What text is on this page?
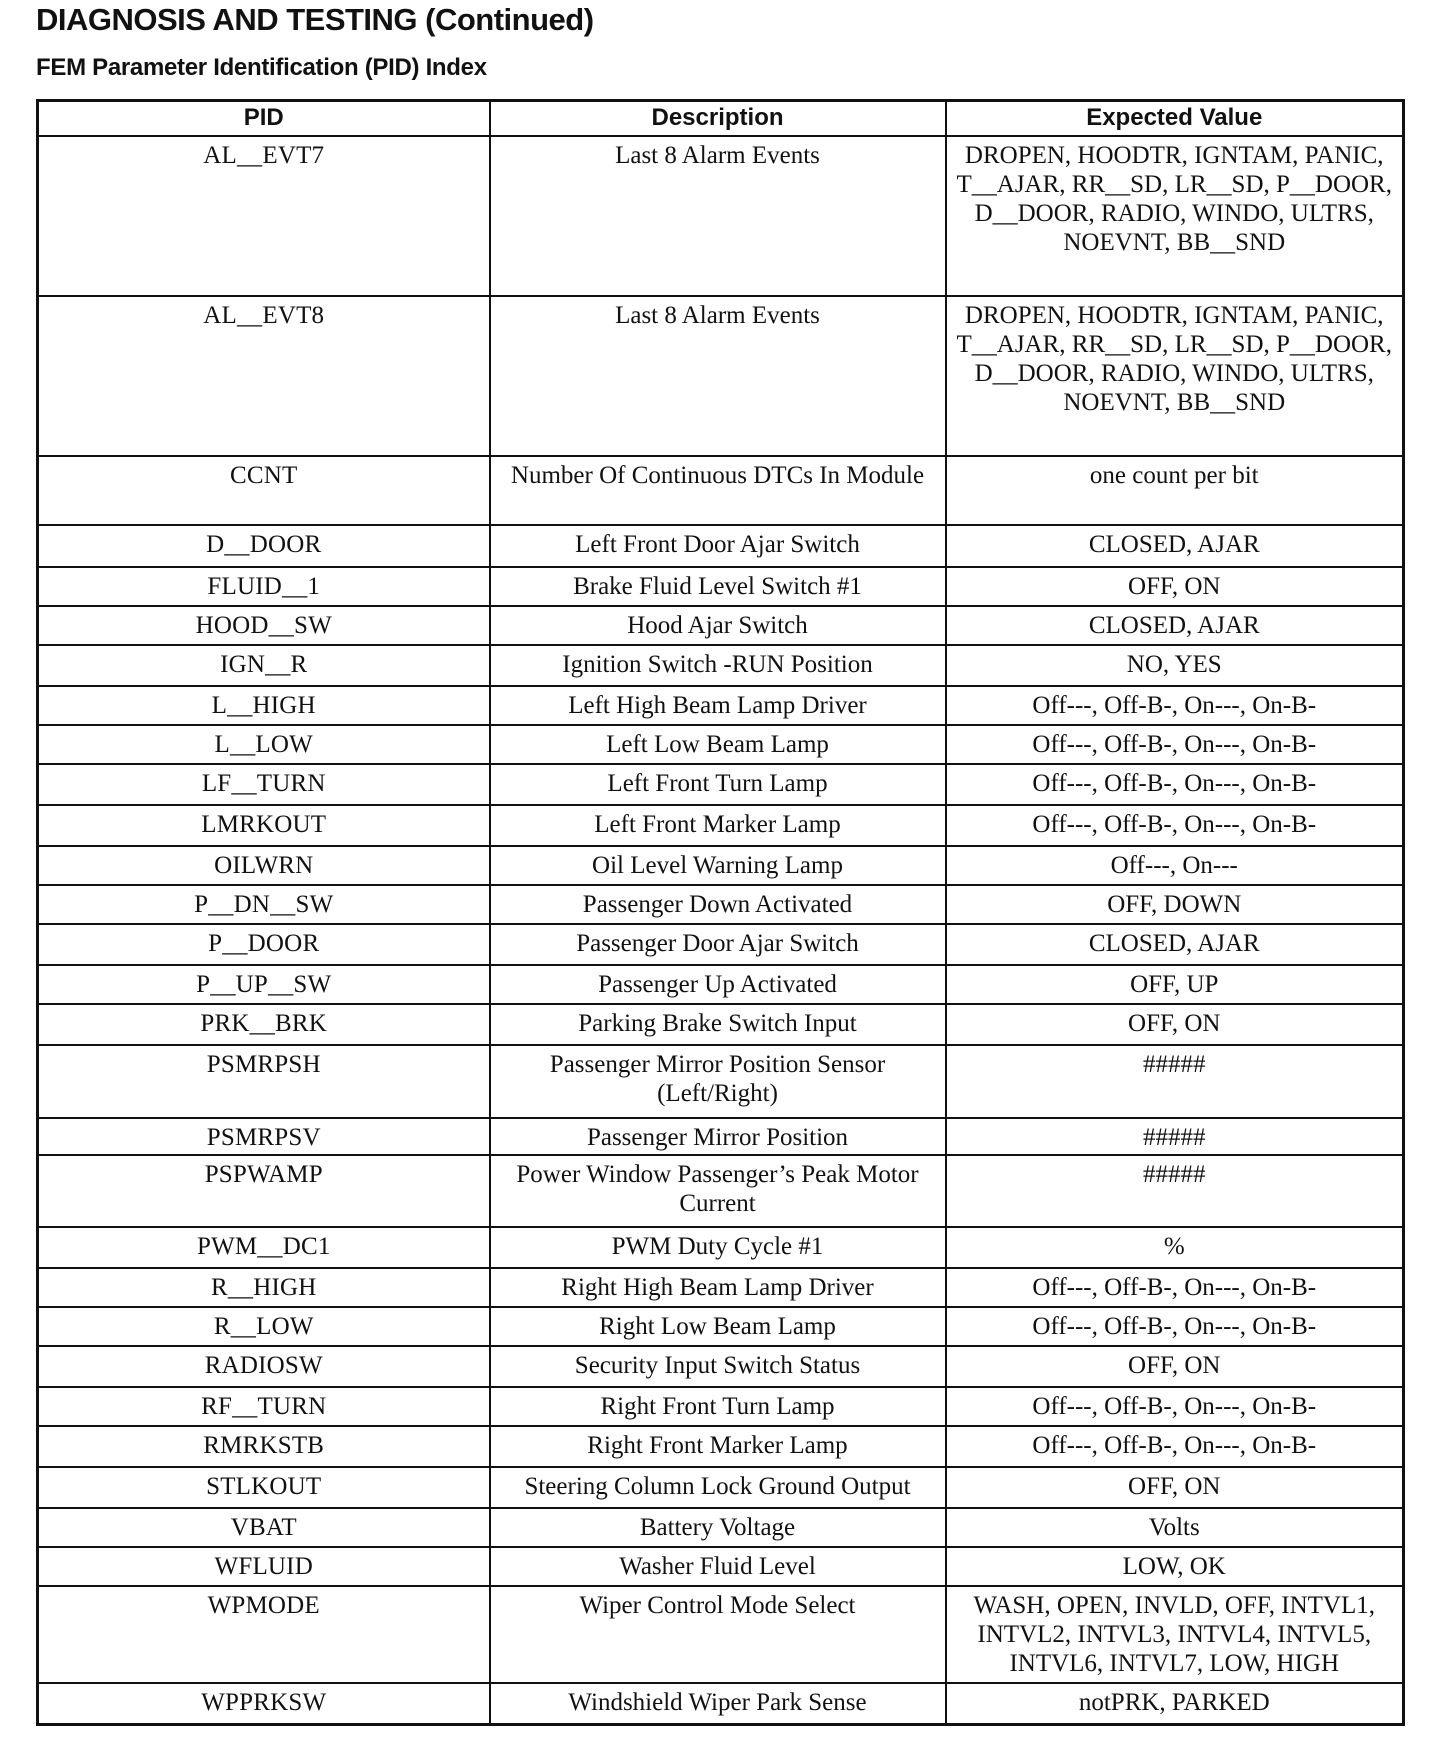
DIAGNOSIS AND TESTING (Continued)
FEM Parameter Identification (PID) Index
PID	Description	Expected Value
AL__EVT7	Last 8 Alarm Events	DROPEN, HOODTR, IGNTAM, PANIC, T__AJAR, RR__SD, LR__SD, P__DOOR, D__DOOR, RADIO, WINDO, ULTRS, NOEVNT, BB__SND
AL__EVT8	Last 8 Alarm Events	DROPEN, HOODTR, IGNTAM, PANIC, T__AJAR, RR__SD, LR__SD, P__DOOR, D__DOOR, RADIO, WINDO, ULTRS, NOEVNT, BB__SND
CCNT	Number Of Continuous DTCs In Module	one count per bit
D__DOOR	Left Front Door Ajar Switch	CLOSED, AJAR
FLUID__1	Brake Fluid Level Switch #1	OFF, ON
HOOD__SW	Hood Ajar Switch	CLOSED, AJAR
IGN__R	Ignition Switch -RUN Position	NO, YES
L__HIGH	Left High Beam Lamp Driver	Off---, Off-B-, On---, On-B-
L__LOW	Left Low Beam Lamp	Off---, Off-B-, On---, On-B-
LF__TURN	Left Front Turn Lamp	Off---, Off-B-, On---, On-B-
LMRKOUT	Left Front Marker Lamp	Off---, Off-B-, On---, On-B-
OILWRN	Oil Level Warning Lamp	Off---, On---
P__DN__SW	Passenger Down Activated	OFF, DOWN
P__DOOR	Passenger Door Ajar Switch	CLOSED, AJAR
P__UP__SW	Passenger Up Activated	OFF, UP
PRK__BRK	Parking Brake Switch Input	OFF, ON
PSMRPSH	Passenger Mirror Position Sensor (Left/Right)	#####
PSMRPSV	Passenger Mirror Position	#####
PSPWAMP	Power Window Passenger’s Peak Motor Current	#####
PWM__DC1	PWM Duty Cycle #1	%
R__HIGH	Right High Beam Lamp Driver	Off---, Off-B-, On---, On-B-
R__LOW	Right Low Beam Lamp	Off---, Off-B-, On---, On-B-
RADIOSW	Security Input Switch Status	OFF, ON
RF__TURN	Right Front Turn Lamp	Off---, Off-B-, On---, On-B-
RMRKSTB	Right Front Marker Lamp	Off---, Off-B-, On---, On-B-
STLKOUT	Steering Column Lock Ground Output	OFF, ON
VBAT	Battery Voltage	Volts
WFLUID	Washer Fluid Level	LOW, OK
WPMODE	Wiper Control Mode Select	WASH, OPEN, INVLD, OFF, INTVL1, INTVL2, INTVL3, INTVL4, INTVL5, INTVL6, INTVL7, LOW, HIGH
WPPRKSW	Windshield Wiper Park Sense	notPRK, PARKED
